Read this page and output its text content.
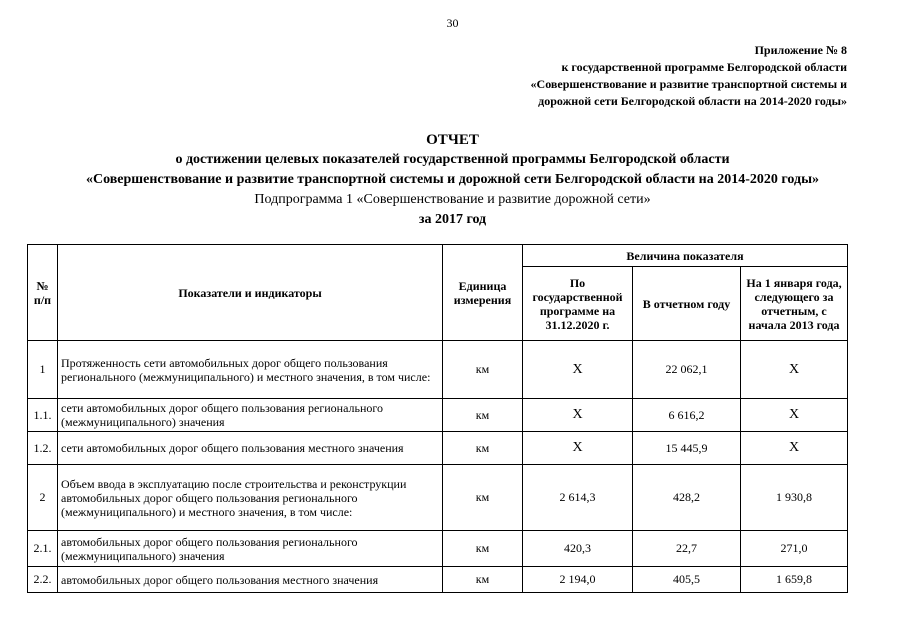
30
Приложение № 8
к государственной программе Белгородской области
«Совершенствование и развитие транспортной системы и
дорожной сети Белгородской области на 2014-2020 годы»
ОТЧЕТ
о достижении целевых показателей государственной программы Белгородской области
«Совершенствование и развитие транспортной системы и дорожной сети Белгородской области на 2014-2020 годы»
Подпрограмма 1 «Совершенствование и развитие дорожной сети»
за 2017 год
№ п/п	Показатели и индикаторы	Единица измерения	Величина показателя		
			По государственной программе на 31.12.2020 г.	В отчетном году	На 1 января года, следующего за отчетным, с начала 2013 года
1	Протяженность сети автомобильных дорог общего пользования регионального (межмуниципального) и местного значения, в том числе:	км	Х	22 062,1	Х
1.1.	сети автомобильных дорог общего пользования регионального (межмуниципального) значения	км	Х	6 616,2	Х
1.2.	сети автомобильных дорог общего пользования местного значения	км	Х	15 445,9	Х
2	Объем ввода в эксплуатацию после строительства и реконструкции автомобильных дорог общего пользования регионального (межмуниципального) и местного значения, в том числе:	км	2 614,3	428,2	1 930,8
2.1.	автомобильных дорог общего пользования регионального (межмуниципального) значения	км	420,3	22,7	271,0
2.2.	автомобильных дорог общего пользования местного значения	км	2 194,0	405,5	1 659,8
